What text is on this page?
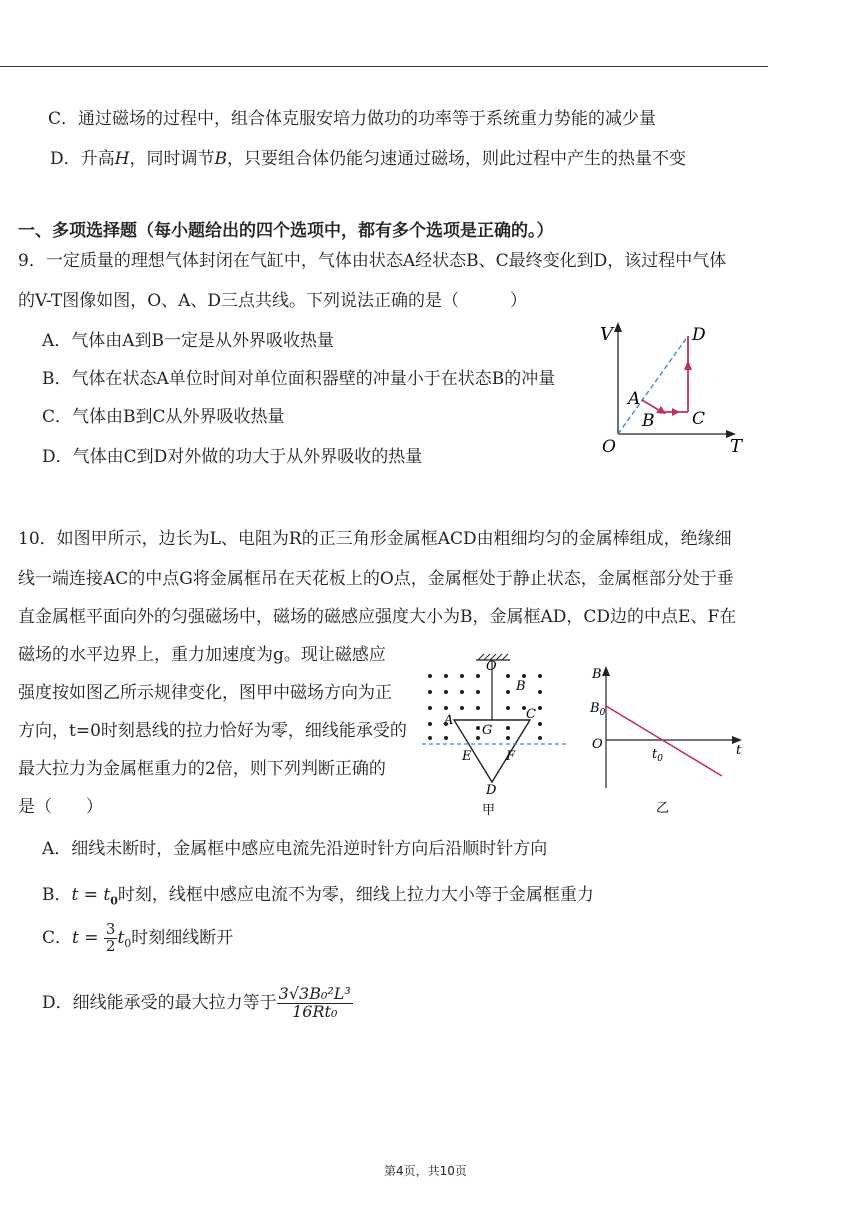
C．通过磁场的过程中，组合体克服安培力做功的功率等于系统重力势能的减少量
D．升高H，同时调节B，只要组合体仍能匀速通过磁场，则此过程中产生的热量不变
一、多项选择题（每小题给出的四个选项中，都有多个选项是正确的。）
9．一定质量的理想气体封闭在气缸中，气体由状态A经状态B、C最终变化到D，该过程中气体
的V-T图像如图，O、A、D三点共线。下列说法正确的是（　　　）
A．气体由A到B一定是从外界吸收热量
B．气体在状态A单位时间对单位面积器壁的冲量小于在状态B的冲量
C．气体由B到C从外界吸收热量
D．气体由C到D对外做的功大于从外界吸收的热量
V
T
O
A
B C
D
10．如图甲所示，边长为L、电阻为R的正三角形金属框ACD由粗细均匀的金属棒组成，绝缘细
线一端连接AC的中点G将金属框吊在天花板上的O点，金属框处于静止状态，金属框部分处于垂
直金属框平面向外的匀强磁场中，磁场的磁感应强度大小为B，金属框AD，CD边的中点E、F在
磁场的水平边界上，重力加速度为g。现让磁感应
强度按如图乙所示规律变化，图甲中磁场方向为正
方向，t=0时刻悬线的拉力恰好为零，细线能承受的
最大拉力为金属框重力的2倍，则下列判断正确的
是（　　）
O
B
A	C
G
E	F
D
甲
B
t
O
$B_0$
$t_0$
乙
A．细线未断时，金属框中感应电流先沿逆时针方向后沿顺时针方向
B．$t = t_0$时刻，线框中感应电流不为零，细线上拉力大小等于金属框重力
C．$t = \frac{3}{2} t_0$时刻细线断开
D．细线能承受的最大拉力等于 $\frac{\text{3√3B₀²L³}}{\text{16Rt₀}}$
第4页，共10页
